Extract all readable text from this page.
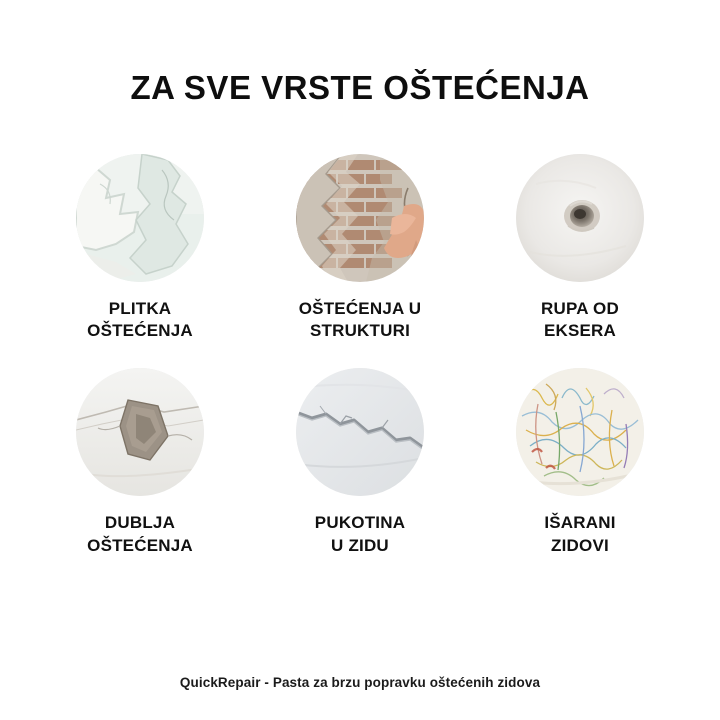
ZA SVE VRSTE OŠTEĆENJA
PLITKA
OŠTEĆENJA
OŠTEĆENJA U
STRUKTURI
RUPA OD
EKSERA
DUBLJA
OŠTEĆENJA
PUKOTINA
U ZIDU
IŠARANI
ZIDOVI
QuickRepair - Pasta za brzu popravku oštećenih zidova
